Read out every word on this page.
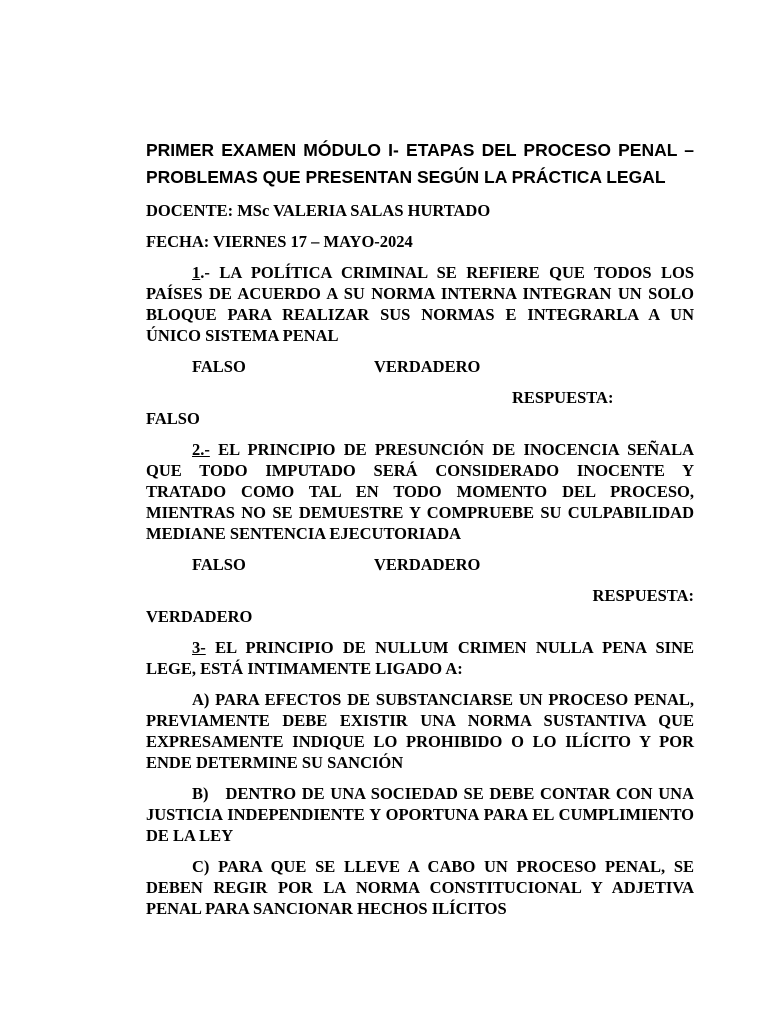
PRIMER EXAMEN MÓDULO I- ETAPAS DEL PROCESO PENAL – PROBLEMAS QUE PRESENTAN SEGÚN LA PRÁCTICA LEGAL

DOCENTE: MSc VALERIA SALAS HURTADO

FECHA: VIERNES 17 – MAYO-2024

1.- LA POLÍTICA CRIMINAL SE REFIERE QUE TODOS LOS PAÍSES DE ACUERDO A SU NORMA INTERNA INTEGRAN UN SOLO BLOQUE PARA REALIZAR SUS NORMAS E INTEGRARLA A UN ÚNICO SISTEMA PENAL

FALSO	VERDADERO
RESPUESTA:
FALSO

2.- EL PRINCIPIO DE PRESUNCIÓN DE INOCENCIA SEÑALA QUE TODO IMPUTADO SERÁ CONSIDERADO INOCENTE Y TRATADO COMO TAL EN TODO MOMENTO DEL PROCESO, MIENTRAS NO SE DEMUESTRE Y COMPRUEBE SU CULPABILIDAD MEDIANE SENTENCIA EJECUTORIADA

FALSO	VERDADERO
RESPUESTA:
VERDADERO

3- EL PRINCIPIO DE NULLUM CRIMEN NULLA PENA SINE LEGE, ESTÁ INTIMAMENTE LIGADO A:

A) PARA EFECTOS DE SUBSTANCIARSE UN PROCESO PENAL, PREVIAMENTE DEBE EXISTIR UNA NORMA SUSTANTIVA QUE EXPRESAMENTE INDIQUE LO PROHIBIDO O LO ILÍCITO Y POR ENDE DETERMINE SU SANCIÓN

B)   DENTRO DE UNA SOCIEDAD SE DEBE CONTAR CON UNA JUSTICIA INDEPENDIENTE Y OPORTUNA PARA EL CUMPLIMIENTO DE LA LEY

C) PARA QUE SE LLEVE A CABO UN PROCESO PENAL, SE DEBEN REGIR POR LA NORMA CONSTITUCIONAL Y ADJETIVA PENAL PARA SANCIONAR HECHOS ILÍCITOS
